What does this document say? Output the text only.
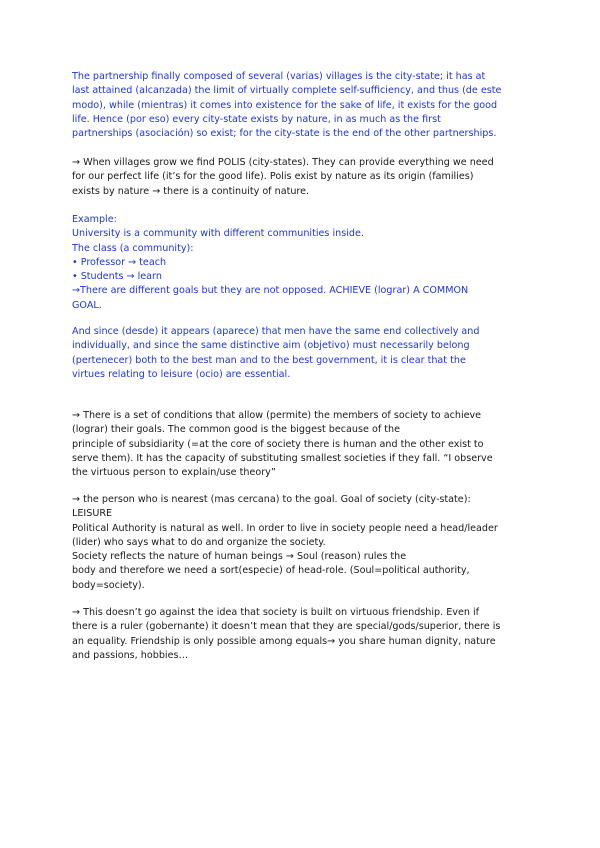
The partnership finally composed of several (varias) villages is the city-state; it has at
last attained (alcanzada) the limit of virtually complete self-sufficiency, and thus (de este
modo), while (mientras) it comes into existence for the sake of life, it exists for the good
life. Hence (por eso) every city-state exists by nature, in as much as the first
partnerships (asociación) so exist; for the city-state is the end of the other partnerships.
→ When villages grow we find POLIS (city-states). They can provide everything we need
for our perfect life (it’s for the good life). Polis exist by nature as its origin (families)
exists by nature → there is a continuity of nature.
Example:
University is a community with different communities inside.
The class (a community):
• Professor → teach
• Students → learn
→There are different goals but they are not opposed. ACHIEVE (lograr) A COMMON
GOAL.
And since (desde) it appears (aparece) that men have the same end collectively and
individually, and since the same distinctive aim (objetivo) must necessarily belong
(pertenecer) both to the best man and to the best government, it is clear that the
virtues relating to leisure (ocio) are essential.
→ There is a set of conditions that allow (permite) the members of society to achieve
(lograr) their goals. The common good is the biggest because of the
principle of subsidiarity (=at the core of society there is human and the other exist to
serve them). It has the capacity of substituting smallest societies if they fall. “I observe
the virtuous person to explain/use theory”
→ the person who is nearest (mas cercana) to the goal. Goal of society (city-state):
LEISURE
Political Authority is natural as well. In order to live in society people need a head/leader
(lider) who says what to do and organize the society.
Society reflects the nature of human beings → Soul (reason) rules the
body and therefore we need a sort(especie) of head-role. (Soul=political authority,
body=society).
→ This doesn’t go against the idea that society is built on virtuous friendship. Even if
there is a ruler (gobernante) it doesn’t mean that they are special/gods/superior, there is
an equality. Friendship is only possible among equals→ you share human dignity, nature
and passions, hobbies…
